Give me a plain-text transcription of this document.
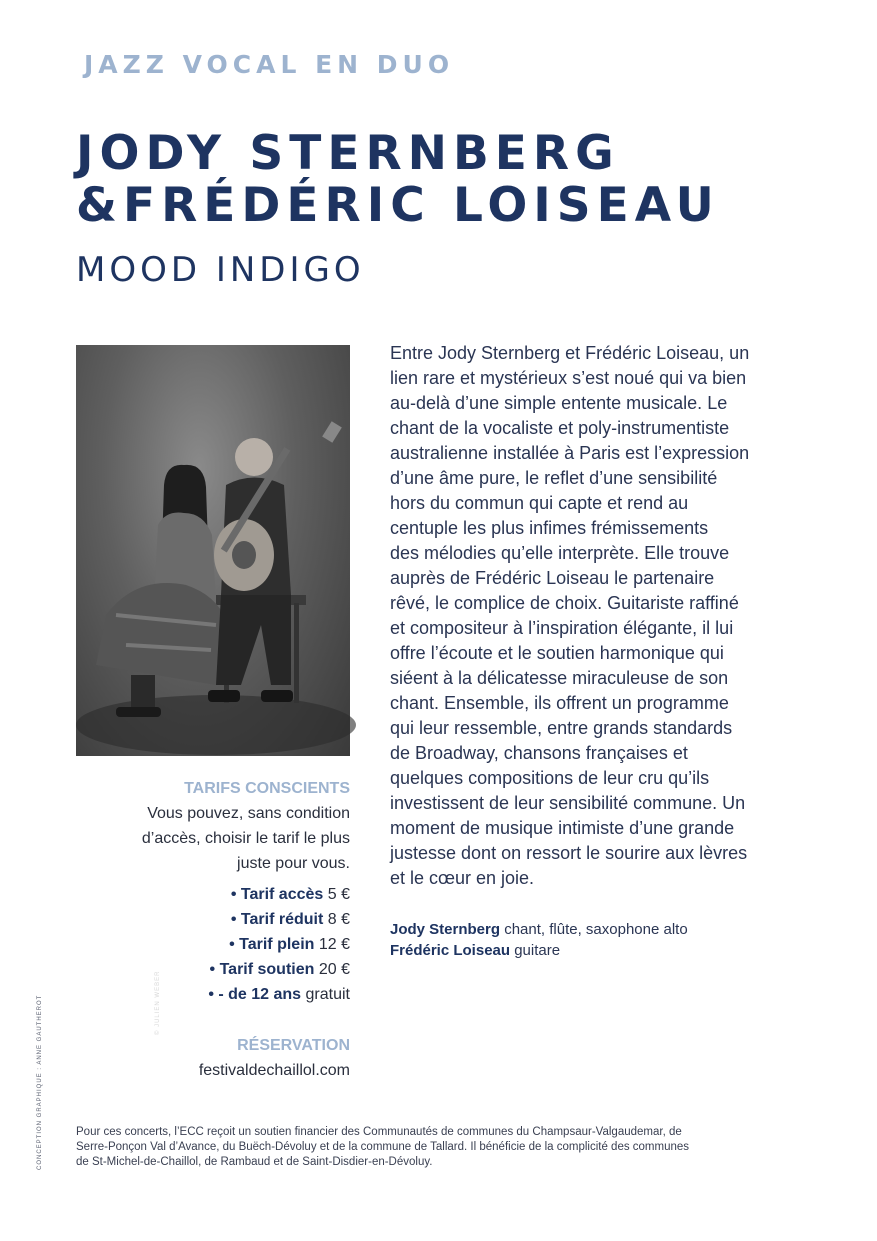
JAZZ VOCAL EN DUO
JODY STERNBERG
&FRÉDÉRIC LOISEAU
MOOD INDIGO
© JULIEN WEBER
TARIFS CONSCIENTS
Vous pouvez, sans condition
d’accès, choisir le tarif le plus
juste pour vous.
• Tarif accès 5 €
• Tarif réduit 8 €
• Tarif plein 12 €
• Tarif soutien 20 €
• - de 12 ans gratuit
RÉSERVATION
festivaldechaillol.com
Entre Jody Sternberg et Frédéric Loiseau, un
lien rare et mystérieux s’est noué qui va bien
au-delà d’une simple entente musicale. Le
chant de la vocaliste et poly-instrumentiste
australienne installée à Paris est l’expression
d’une âme pure, le reflet d’une sensibilité
hors du commun qui capte et rend au
centuple les plus infimes frémissements
des mélodies qu’elle interprète. Elle trouve
auprès de Frédéric Loiseau le partenaire
rêvé, le complice de choix. Guitariste raffiné
et compositeur à l’inspiration élégante, il lui
offre l’écoute et le soutien harmonique qui
siéent à la délicatesse miraculeuse de son
chant. Ensemble, ils offrent un programme
qui leur ressemble, entre grands standards
de Broadway, chansons françaises et
quelques compositions de leur cru qu’ils
investissent de leur sensibilité commune. Un
moment de musique intimiste d’une grande
justesse dont on ressort le sourire aux lèvres
et le cœur en joie.
Jody Sternberg chant, flûte, saxophone alto
Frédéric Loiseau guitare
Pour ces concerts, l’ECC reçoit un soutien financier des Communautés de communes du Champsaur-Valgaudemar, de
Serre-Ponçon Val d’Avance, du Buëch-Dévoluy et de la commune de Tallard. Il bénéficie de la complicité des communes
de St-Michel-de-Chaillol, de Rambaud et de Saint-Disdier-en-Dévoluy.
CONCEPTION GRAPHIQUE : ANNE GAUTHEROT
